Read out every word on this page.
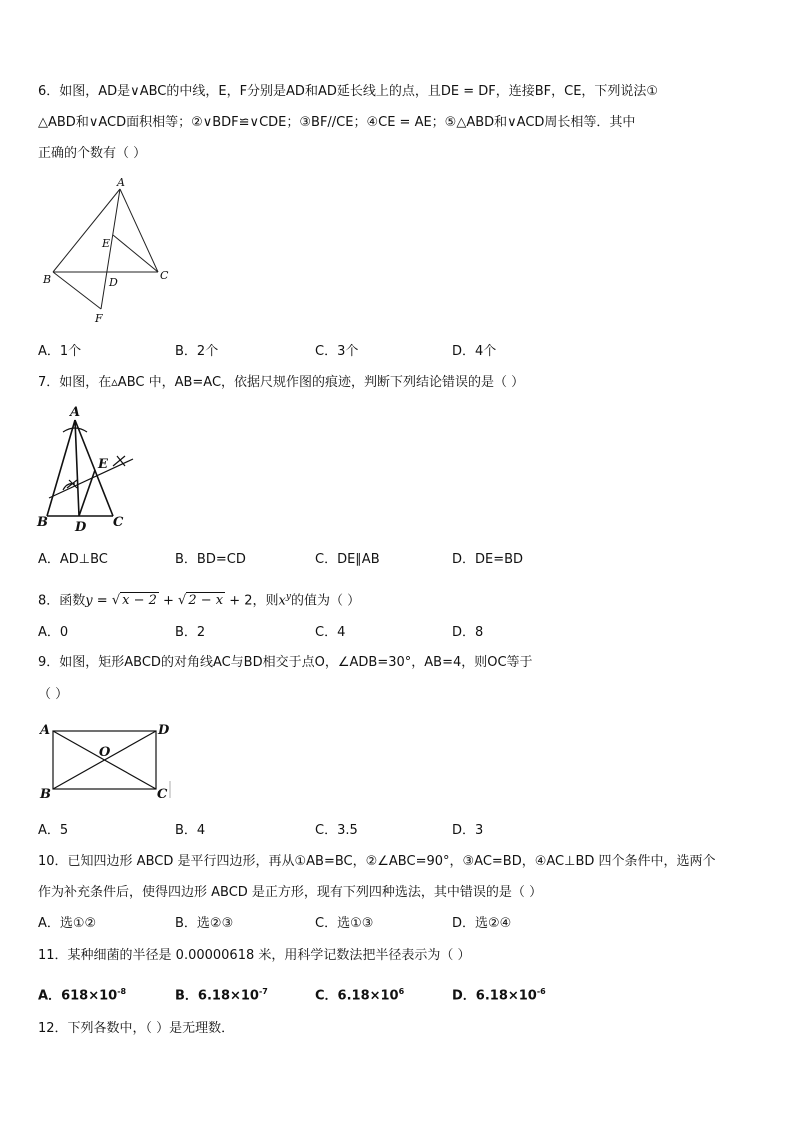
6．如图，AD是∨ABC的中线，E，F分别是AD和AD延长线上的点，且DE = DF，连接BF，CE，下列说法①
△ABD和∨ACD面积相等；②∨BDF≌∨CDE；③BF//CE；④CE = AE；⑤△ABD和∨ACD周长相等．其中
正确的个数有（ ）
A
B	C
D
E
F
A．1个	B．2个	C．3个	D．4个
7．如图，在▵ABC 中，AB=AC，依据尺规作图的痕迹，判断下列结论错误的是（ ）
A
B	C
D
E
A．AD⊥BC	B．BD=CD	C．DE∥AB	D．DE=BD
8．函数y = √ x − 2 + √ 2 − x + 2，则$x^y$的值为（ ）
A．0	B．2	C．4	D．8
9．如图，矩形ABCD的对角线AC与BD相交于点O，∠ADB=30°，AB=4，则OC等于
（ ）
A	D
B	C
O
A．5	B．4	C．3.5	D．3
10．已知四边形 ABCD 是平行四边形，再从①AB=BC，②∠ABC=90°，③AC=BD，④AC⊥BD 四个条件中，选两个
作为补充条件后，使得四边形 ABCD 是正方形，现有下列四种选法，其中错误的是（ ）
A．选①②	B．选②③	C．选①③	D．选②④
11．某种细菌的半径是 0.00000618 米，用科学记数法把半径表示为（ ）
A．$618\times 10^{-8}$	B．$6.18\times 10^{-7}$	C．$6.18\times 10^6$	D．$6.18\times 10^{-6}$
12．下列各数中，（ ）是无理数．
